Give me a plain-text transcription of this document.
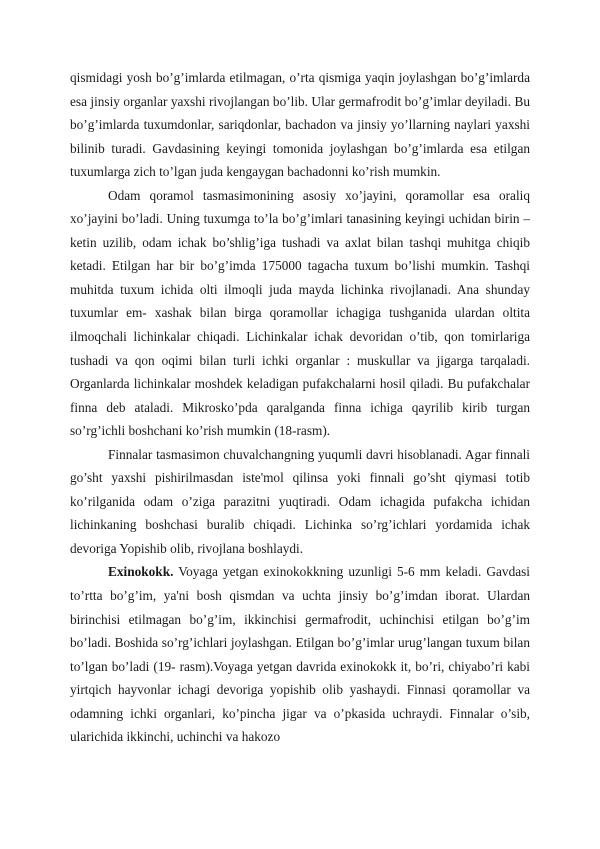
qismidagi yosh bo’g’imlarda etilmagan, o’rta qismiga yaqin joylashgan bo’g’imlarda esa jinsiy organlar yaxshi rivojlangan bo’lib. Ular germafrodit bo’g’imlar deyiladi. Bu bo’g’imlarda tuxumdonlar, sariqdonlar, bachadon va jinsiy yo’llarning naylari yaxshi bilinib turadi. Gavdasining keyingi tomonida joylashgan bo’g’imlarda esa etilgan tuxumlarga zich to’lgan juda kengaygan bachadonni ko’rish mumkin.

Odam qoramol tasmasimonining asosiy xo’jayini, qoramollar esa oraliq xo’jayini bo’ladi. Uning tuxumga to’la bo’g’imlari tanasining keyingi uchidan birin – ketin uzilib, odam ichak bo’shlig’iga tushadi va axlat bilan tashqi muhitga chiqib ketadi. Etilgan har bir bo’g’imda 175000 tagacha tuxum bo’lishi mumkin. Tashqi muhitda tuxum ichida olti ilmoqli juda mayda lichinka rivojlanadi. Ana shunday tuxumlar em- xashak bilan birga qoramollar ichagiga tushganida ulardan oltita ilmoqchali lichinkalar chiqadi. Lichinkalar ichak devoridan o’tib, qon tomirlariga tushadi va qon oqimi bilan turli ichki organlar : muskullar va jigarga tarqaladi. Organlarda lichinkalar moshdek keladigan pufakchalarni hosil qiladi. Bu pufakchalar finna deb ataladi. Mikrosko’pda qaralganda finna ichiga qayrilib kirib turgan so’rg’ichli boshchani ko’rish mumkin (18-rasm).

Finnalar tasmasimon chuvalchangning yuqumli davri hisoblanadi. Agar finnali go’sht yaxshi pishirilmasdan iste'mol qilinsa yoki finnali go’sht qiymasi totib ko’rilganida odam o’ziga parazitni yuqtiradi. Odam ichagida pufakcha ichidan lichinkaning boshchasi buralib chiqadi. Lichinka so’rg’ichlari yordamida ichak devoriga Yopishib olib, rivojlana boshlaydi.

Exinokokk. Voyaga yetgan exinokokkning uzunligi 5-6 mm keladi. Gavdasi to’rtta bo’g’im, ya'ni bosh qismdan va uchta jinsiy bo’g’imdan iborat. Ulardan birinchisi etilmagan bo’g’im, ikkinchisi germafrodit, uchinchisi etilgan bo’g’im bo’ladi. Boshida so’rg’ichlari joylashgan. Etilgan bo’g’imlar urug’langan tuxum bilan to’lgan bo’ladi (19- rasm).Voyaga yetgan davrida exinokokk it, bo’ri, chiyabo’ri kabi yirtqich hayvonlar ichagi devoriga yopishib olib yashaydi. Finnasi qoramollar va odamning ichki organlari, ko’pincha jigar va o’pkasida uchraydi. Finnalar o’sib, ularichida ikkinchi, uchinchi va hakozo
